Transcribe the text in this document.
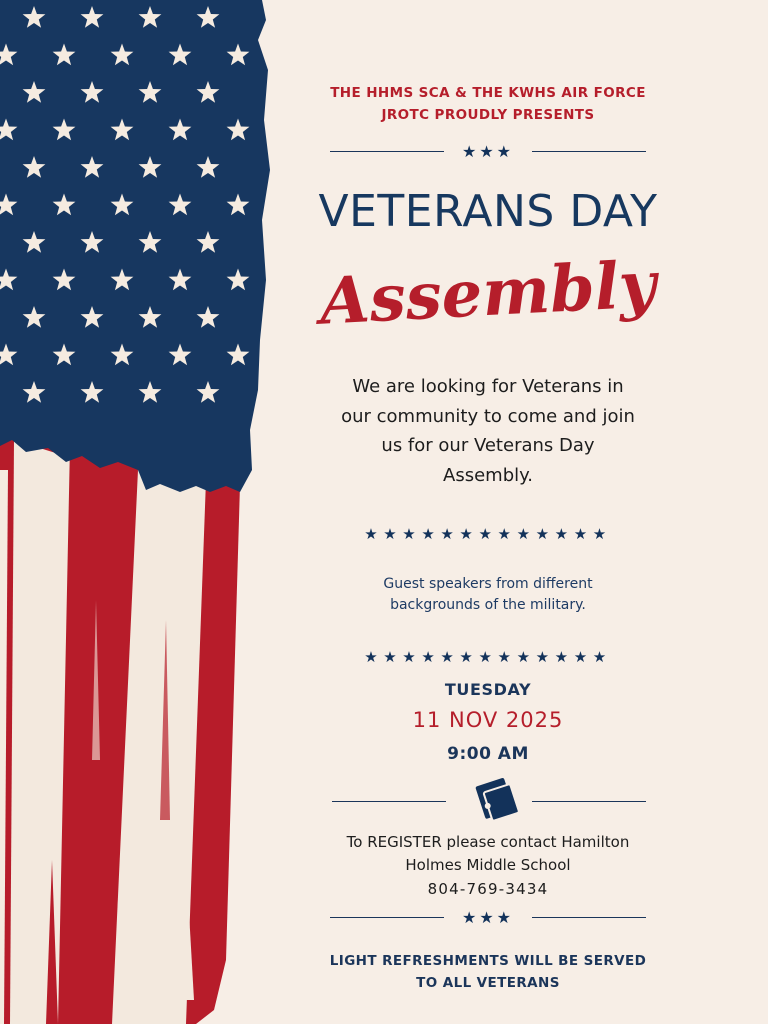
THE HHMS SCA & THE KWHS AIR FORCE
JROTC PROUDLY PRESENTS
★★★
VETERANS DAY
Assembly
We are looking for Veterans in
our community to come and join
us for our Veterans Day
Assembly.
★★★★★★★★★★★★★
Guest speakers from different
backgrounds of the military.
★★★★★★★★★★★★★
TUESDAY
11 NOV 2025
9:00 AM
To REGISTER please contact Hamilton
Holmes Middle School
804-769-3434
★★★
LIGHT REFRESHMENTS WILL BE SERVED
TO ALL VETERANS
